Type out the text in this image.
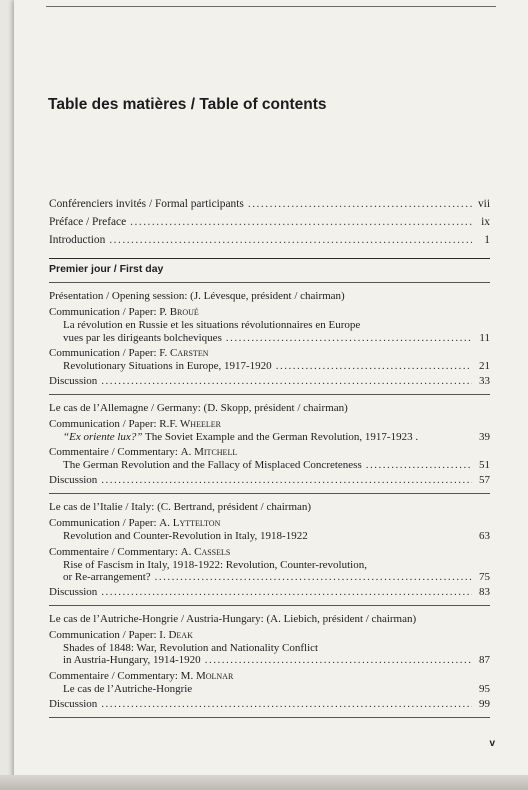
Table des matières / Table of contents
Conférenciers invités / Formal participants .....	vii
Préface / Preface .....	ix
Introduction .....	1
Premier jour / First day
Présentation / Opening session: (J. Lévesque, président / chairman)
Communication / Paper: P. Broué
La révolution en Russie et les situations révolutionnaires en Europe
vues par les dirigeants bolcheviques .....	11
Communication / Paper: F. Carsten
Revolutionary Situations in Europe, 1917-1920 .....	21
Discussion .....	33
Le cas de l’Allemagne / Germany: (D. Skopp, président / chairman)
Communication / Paper: R.F. Wheeler
“Ex oriente lux?” The Soviet Example and the German Revolution, 1917-1923 .	39
Commentaire / Commentary: A. Mitchell
The German Revolution and the Fallacy of Misplaced Concreteness .....	51
Discussion .....	57
Le cas de l’Italie / Italy: (C. Bertrand, président / chairman)
Communication / Paper: A. Lyttelton
Revolution and Counter-Revolution in Italy, 1918-1922	63
Commentaire / Commentary: A. Cassels
Rise of Fascism in Italy, 1918-1922: Revolution, Counter-revolution,
or Re-arrangement? .....	75
Discussion .....	83
Le cas de l’Autriche-Hongrie / Austria-Hungary: (A. Liebich, président / chairman)
Communication / Paper: I. Deak
Shades of 1848: War, Revolution and Nationality Conflict
in Austria-Hungary, 1914-1920 .....	87
Commentaire / Commentary: M. Molnar
Le cas de l’Autriche-Hongrie	95
Discussion .....	99
v
